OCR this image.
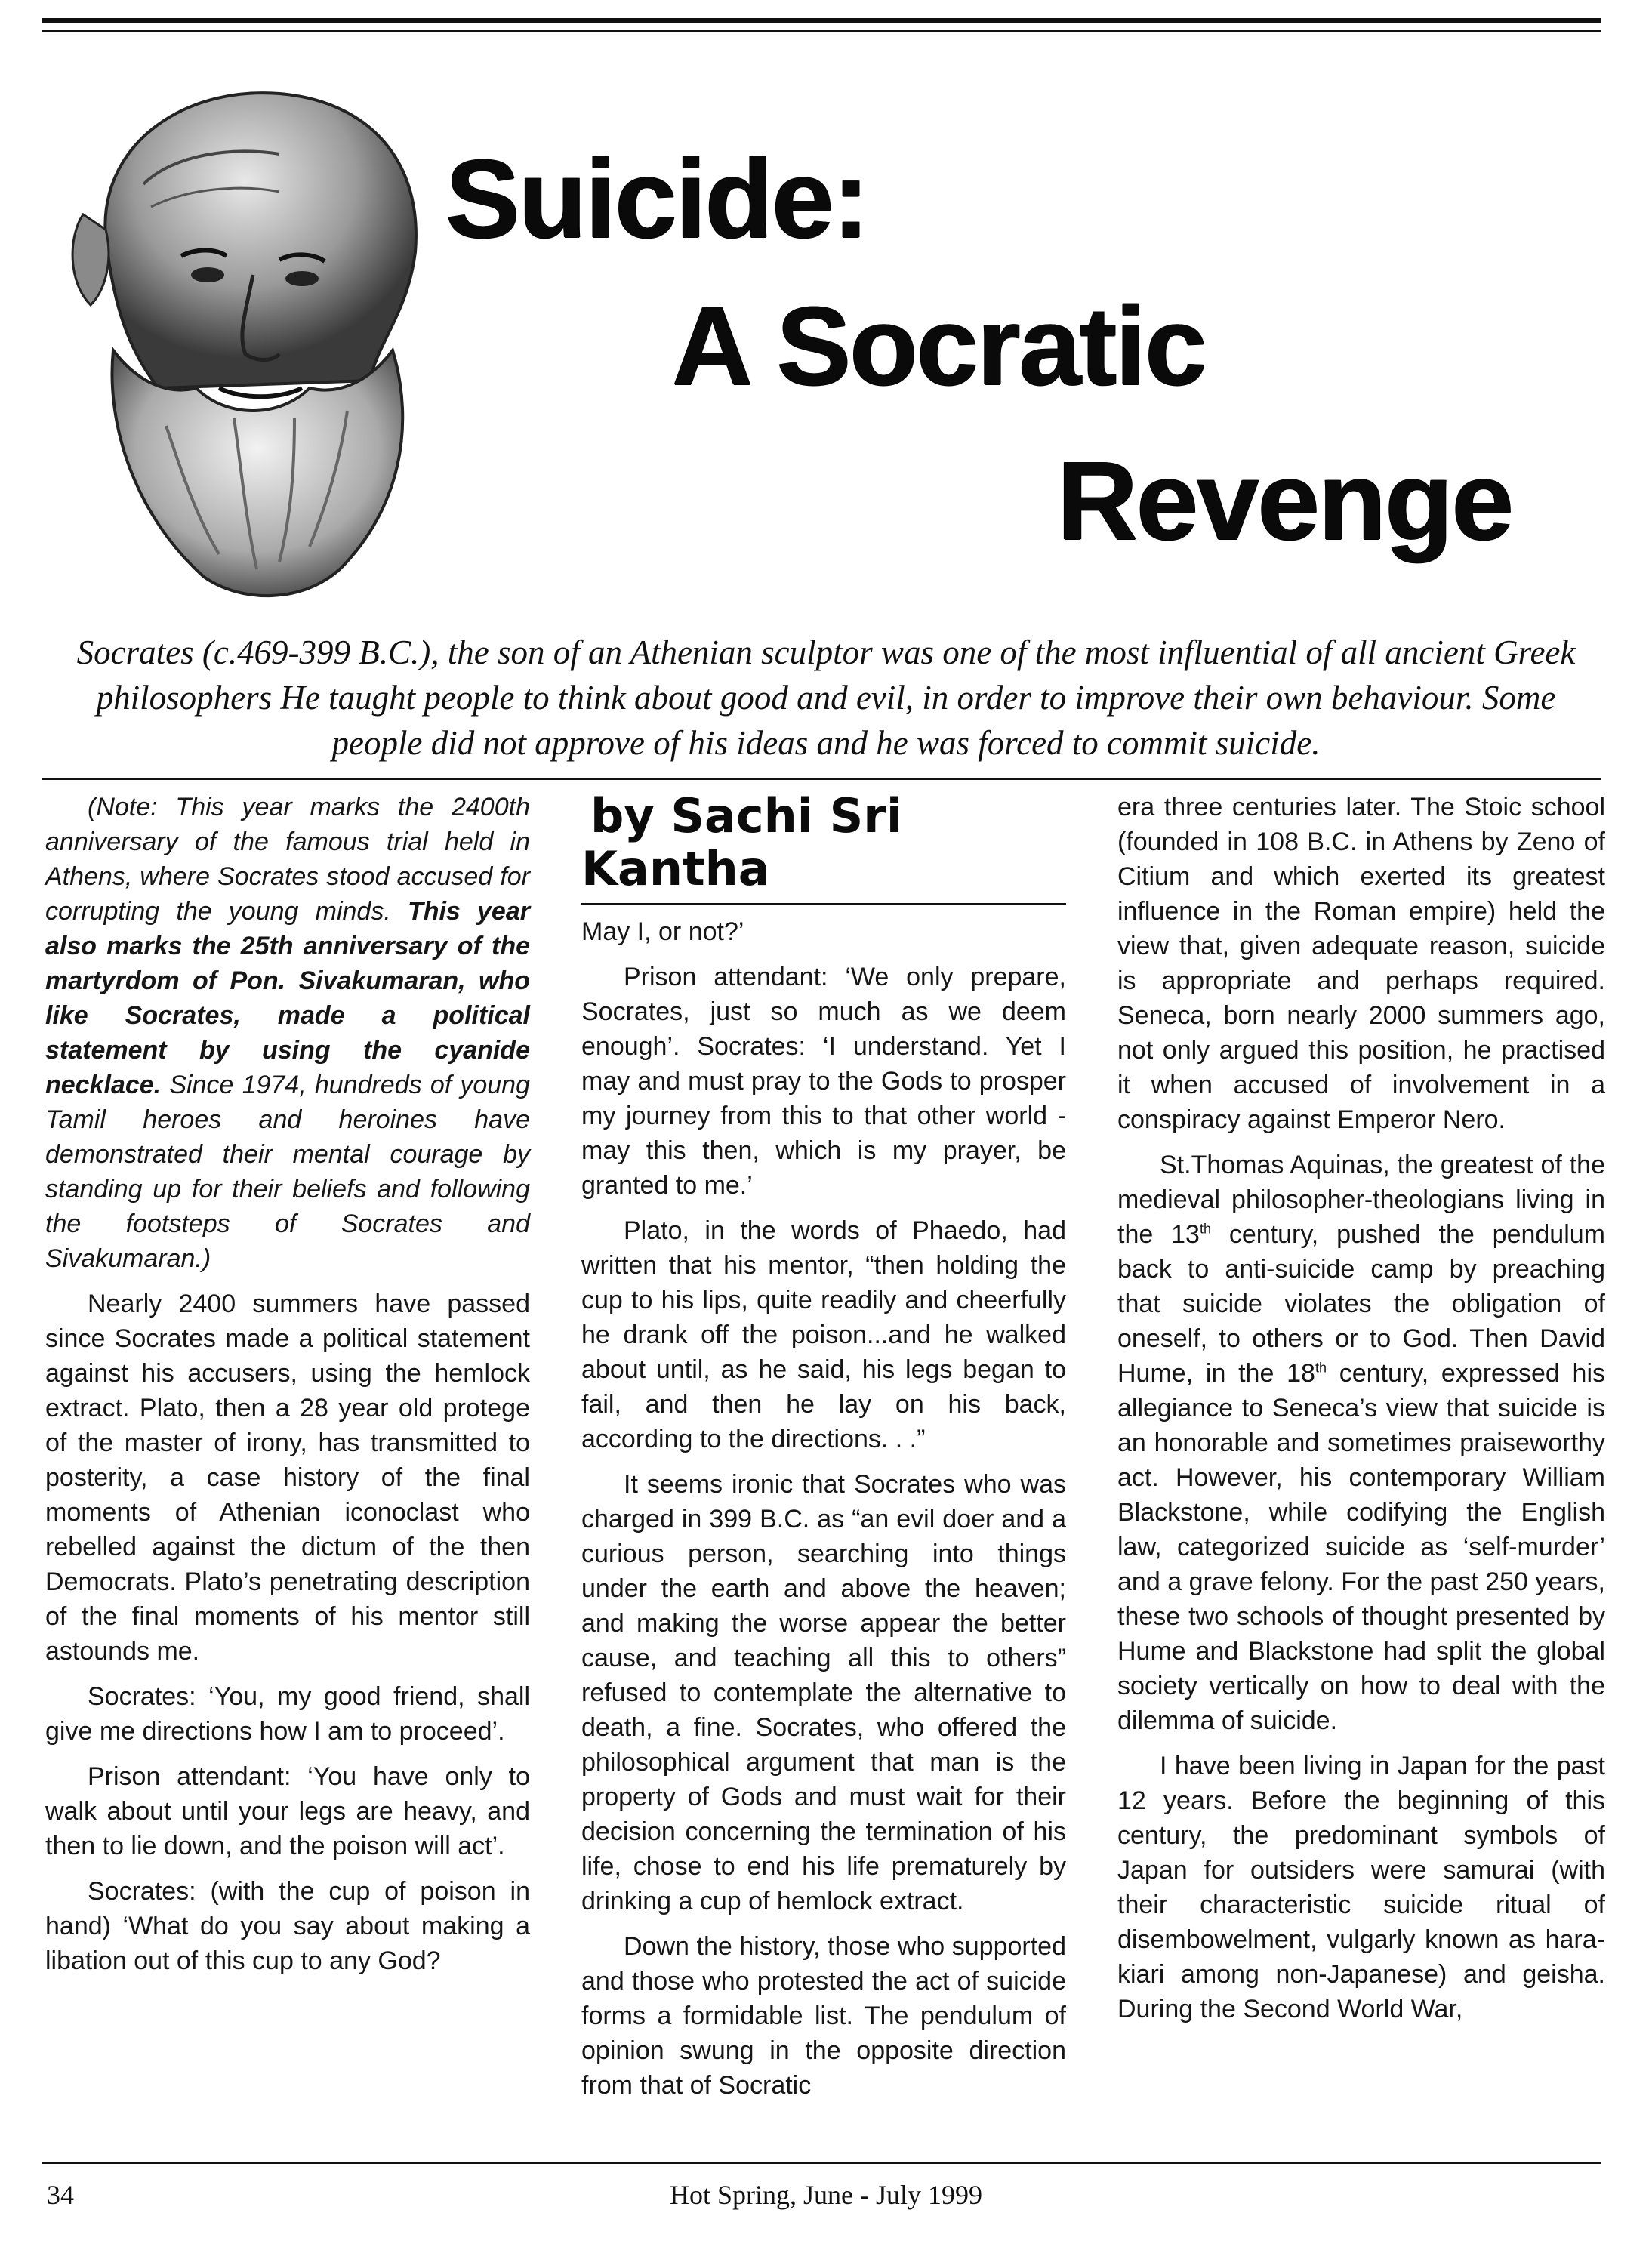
Suicide:
A Socratic
Revenge
Socrates (c.469-399 B.C.), the son of an Athenian sculptor was one of the most influential of all ancient Greek philosophers He taught people to think about good and evil, in order to improve their own behaviour. Some people did not approve of his ideas and he was forced to commit suicide.

(Note: This year marks the 2400th anniversary of the famous trial held in Athens, where Socrates stood accused for corrupting the young minds. This year also marks the 25th anniversary of the martyrdom of Pon. Sivakumaran, who like Socrates, made a political statement by using the cyanide necklace. Since 1974, hundreds of young Tamil heroes and heroines have demonstrated their mental courage by standing up for their beliefs and following the footsteps of Socrates and Sivakumaran.)

Nearly 2400 summers have passed since Socrates made a political statement against his accusers, using the hemlock extract. Plato, then a 28 year old protege of the master of irony, has transmitted to posterity, a case history of the final moments of Athenian iconoclast who rebelled against the dictum of the then Democrats. Plato’s penetrating description of the final moments of his mentor still astounds me.

Socrates: ‘You, my good friend, shall give me directions how I am to proceed’.

Prison attendant: ‘You have only to walk about until your legs are heavy, and then to lie down, and the poison will act’.

Socrates: (with the cup of poison in hand) ‘What do you say about making a libation out of this cup to any God?

by Sachi Sri Kantha

May I, or not?’

Prison attendant: ‘We only prepare, Socrates, just so much as we deem enough’. Socrates: ‘I understand. Yet I may and must pray to the Gods to prosper my journey from this to that other world - may this then, which is my prayer, be granted to me.’

Plato, in the words of Phaedo, had written that his mentor, “then holding the cup to his lips, quite readily and cheerfully he drank off the poison...and he walked about until, as he said, his legs began to fail, and then he lay on his back, according to the directions. . .”

It seems ironic that Socrates who was charged in 399 B.C. as “an evil doer and a curious person, searching into things under the earth and above the heaven; and making the worse appear the better cause, and teaching all this to others” refused to contemplate the alternative to death, a fine. Socrates, who offered the philosophical argument that man is the property of Gods and must wait for their decision concerning the termination of his life, chose to end his life prematurely by drinking a cup of hemlock extract.

Down the history, those who supported and those who protested the act of suicide forms a formidable list. The pendulum of opinion swung in the opposite direction from that of Socratic

era three centuries later. The Stoic school (founded in 108 B.C. in Athens by Zeno of Citium and which exerted its greatest influence in the Roman empire) held the view that, given adequate reason, suicide is appropriate and perhaps required. Seneca, born nearly 2000 summers ago, not only argued this position, he practised it when accused of involvement in a conspiracy against Emperor Nero.

St.Thomas Aquinas, the greatest of the medieval philosopher-theologians living in the 13th century, pushed the pendulum back to anti-suicide camp by preaching that suicide violates the obligation of oneself, to others or to God. Then David Hume, in the 18th century, expressed his allegiance to Seneca’s view that suicide is an honorable and sometimes praiseworthy act. However, his contemporary William Blackstone, while codifying the English law, categorized suicide as ‘self-murder’ and a grave felony. For the past 250 years, these two schools of thought presented by Hume and Blackstone had split the global society vertically on how to deal with the dilemma of suicide.

I have been living in Japan for the past 12 years. Before the beginning of this century, the predominant symbols of Japan for outsiders were samurai (with their characteristic suicide ritual of disembowelment, vulgarly known as hara-kiari among non-Japanese) and geisha. During the Second World War,

34	Hot Spring, June - July 1999
